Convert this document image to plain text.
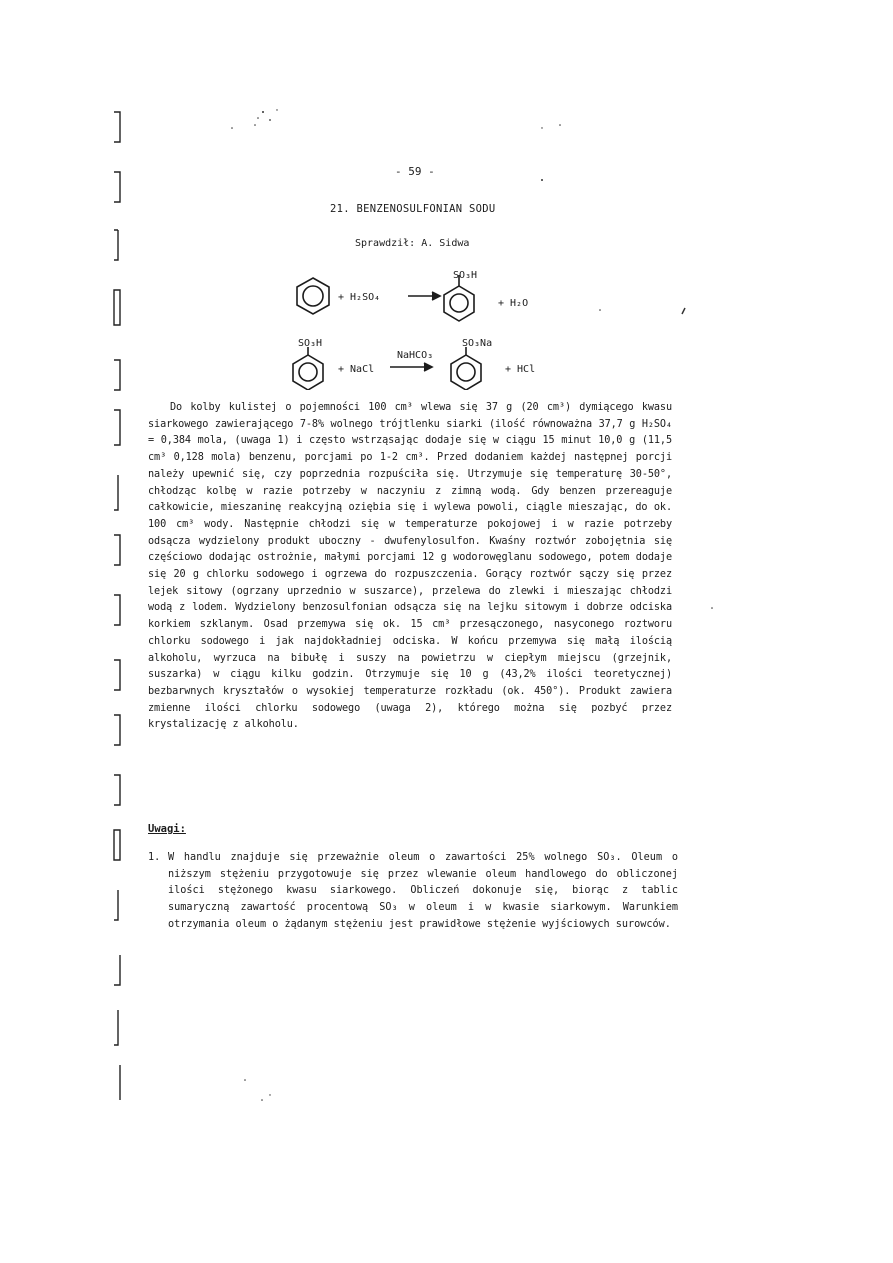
- 59 -
21. BENZENOSULFONIAN SODU
Sprawdził: A. Sidwa
+ H₂SO₄
SO₃H
+ H₂O
SO₃H
+ NaCl
NaHCO₃
SO₃Na
+ HCl

Do kolby kulistej o pojemności 100 cm³ wlewa się 37 g (20 cm³) dymiącego kwasu siarkowego zawierającego 7-8% wolnego trójtlenku siarki (ilość równoważna 37,7 g H₂SO₄ = 0,384 mola, (uwaga 1) i często wstrząsając dodaje się w ciągu 15 minut 10,0 g (11,5 cm³ 0,128 mola) benzenu, porcjami po 1-2 cm³. Przed dodaniem każdej następnej porcji należy upewnić się, czy poprzednia rozpuściła się. Utrzymuje się temperaturę 30-50°, chłodząc kolbę w razie potrzeby w naczyniu z zimną wodą. Gdy benzen przereaguje całkowicie, mieszaninę reakcyjną oziębia się i wylewa powoli, ciągle mieszając, do ok. 100 cm³ wody. Następnie chłodzi się w temperaturze pokojowej i w razie potrzeby odsącza wydzielony produkt uboczny - dwufenylosulfon. Kwaśny roztwór zobojętnia się częściowo dodając ostrożnie, małymi porcjami 12 g wodorowęglanu sodowego, potem dodaje się 20 g chlorku sodowego i ogrzewa do rozpuszczenia. Gorący roztwór sączy się przez lejek sitowy (ogrzany uprzednio w suszarce), przelewa do zlewki i mieszając chłodzi wodą z lodem. Wydzielony benzosulfonian odsącza się na lejku sitowym i dobrze odciska korkiem szklanym. Osad przemywa się ok. 15 cm³ przesączonego, nasyconego roztworu chlorku sodowego i jak najdokładniej odciska. W końcu przemywa się małą ilością alkoholu, wyrzuca na bibułę i suszy na powietrzu w ciepłym miejscu (grzejnik, suszarka) w ciągu kilku godzin. Otrzymuje się 10 g (43,2% ilości teoretycznej) bezbarwnych kryształów o wysokiej temperaturze rozkładu (ok. 450°). Produkt zawiera zmienne ilości chlorku sodowego (uwaga 2), którego można się pozbyć przez krystalizację z alkoholu.

Uwagi:
1. W handlu znajduje się przeważnie oleum o zawartości 25% wolnego SO₃. Oleum o niższym stężeniu przygotowuje się przez wlewanie oleum handlowego do obliczonej ilości stężonego kwasu siarkowego. Obliczeń dokonuje się, biorąc z tablic sumaryczną zawartość procentową SO₃ w oleum i w kwasie siarkowym. Warunkiem otrzymania oleum o żądanym stężeniu jest prawidłowe stężenie wyjściowych surowców.
